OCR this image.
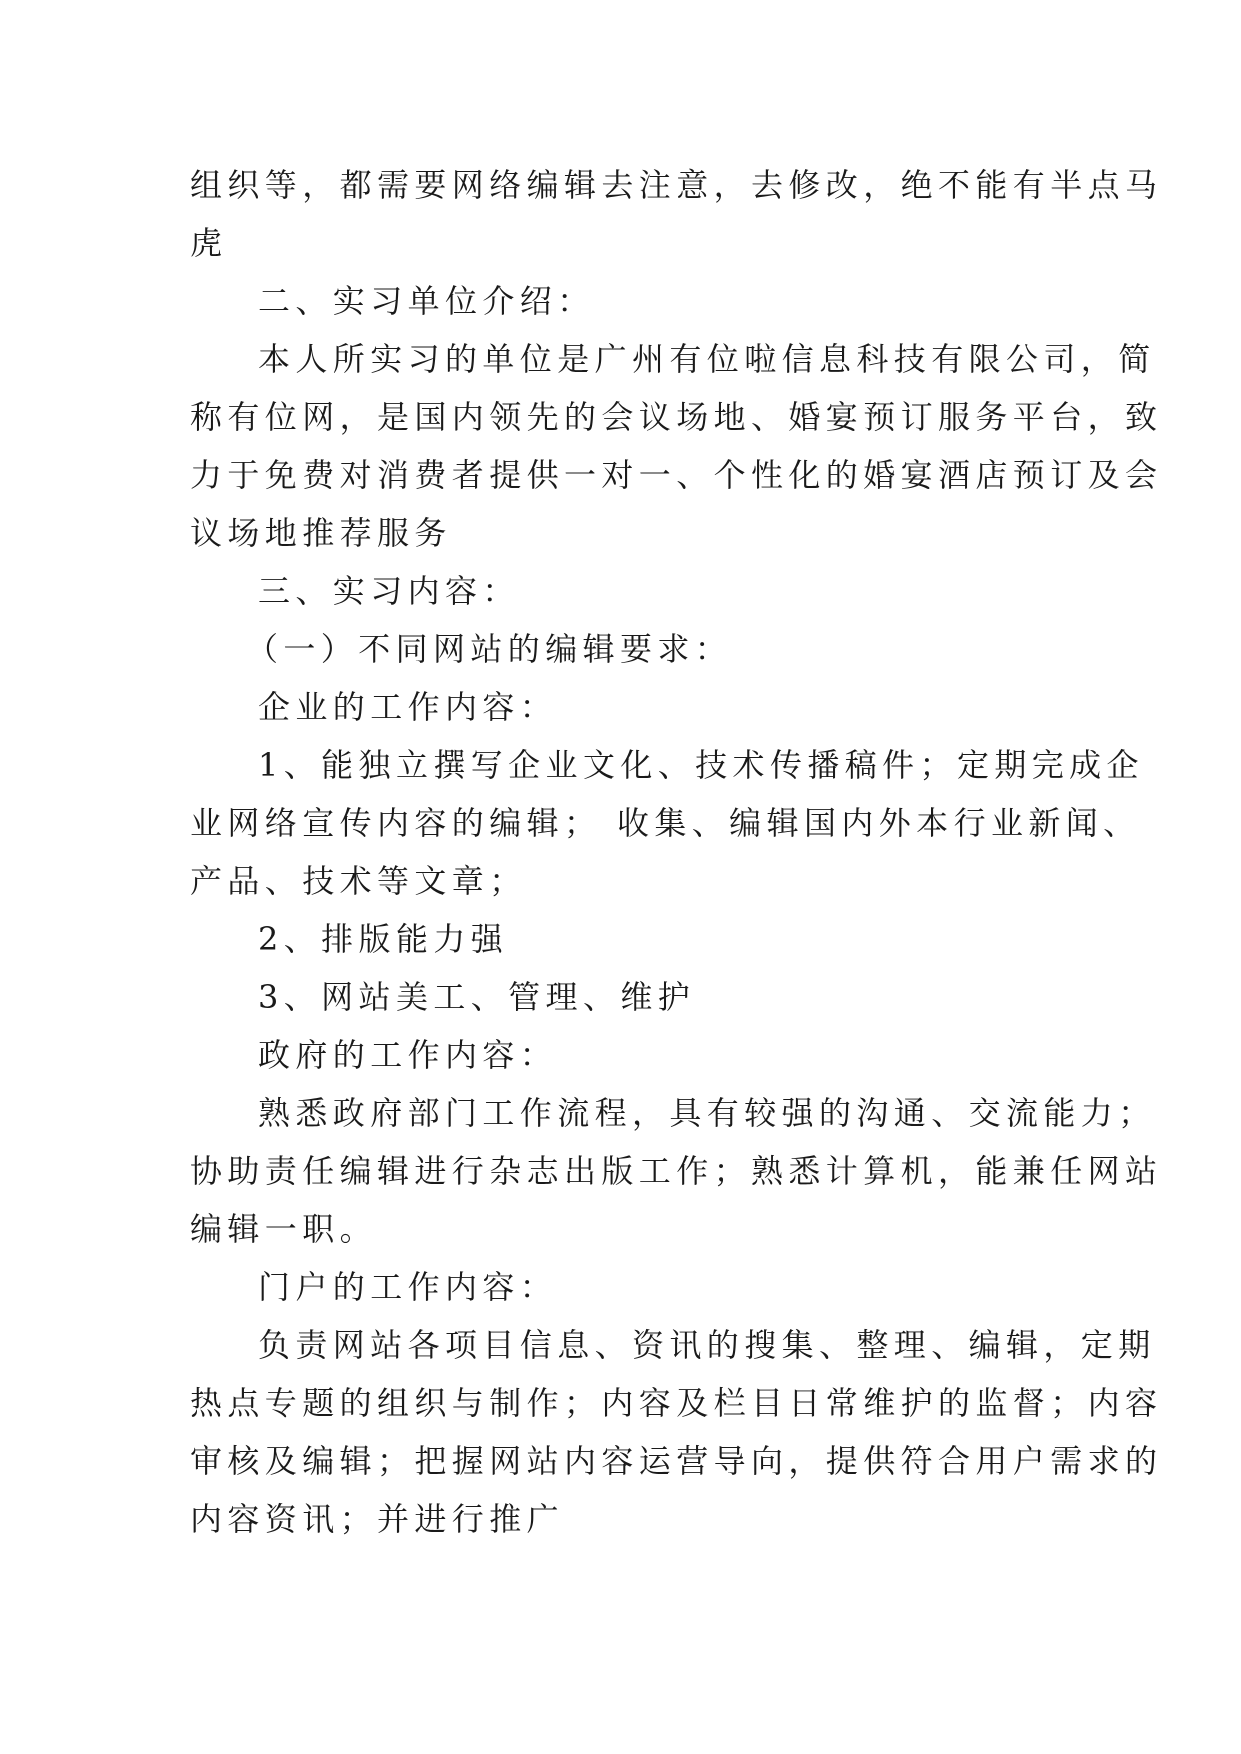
组织等，都需要网络编辑去注意，去修改，绝不能有半点马
虎
二、实习单位介绍：
本人所实习的单位是广州有位啦信息科技有限公司，简
称有位网，是国内领先的会议场地、婚宴预订服务平台，致
力于免费对消费者提供一对一、个性化的婚宴酒店预订及会
议场地推荐服务
三、实习内容：
（一）不同网站的编辑要求：
企业的工作内容：
1、能独立撰写企业文化、技术传播稿件；定期完成企
业网络宣传内容的编辑； 收集、编辑国内外本行业新闻、
产品、技术等文章；
2、排版能力强
3、网站美工、管理、维护
政府的工作内容：
熟悉政府部门工作流程，具有较强的沟通、交流能力；
协助责任编辑进行杂志出版工作；熟悉计算机，能兼任网站
编辑一职。
门户的工作内容：
负责网站各项目信息、资讯的搜集、整理、编辑，定期
热点专题的组织与制作；内容及栏目日常维护的监督；内容
审核及编辑；把握网站内容运营导向，提供符合用户需求的
内容资讯；并进行推广
